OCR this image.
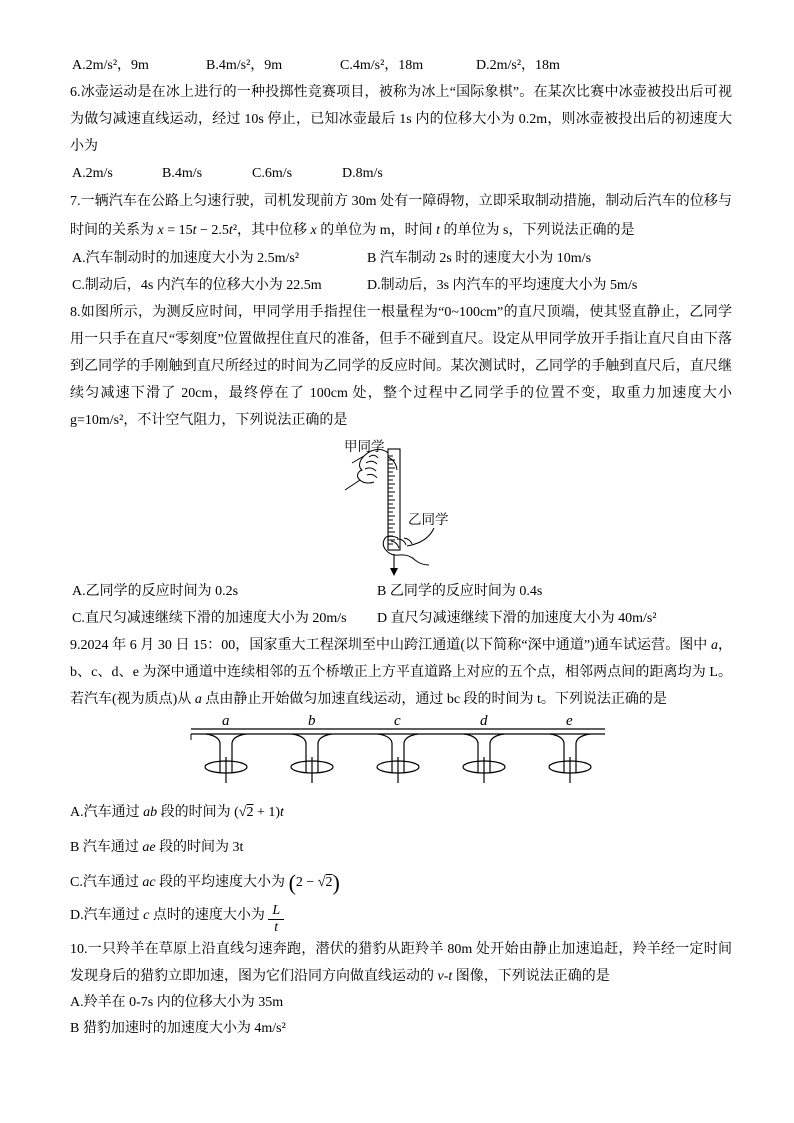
A.2m/s²，9m	B.4m/s²，9m	C.4m/s²，18m	D.2m/s²，18m

6.冰壶运动是在冰上进行的一种投掷性竞赛项目，被称为冰上“国际象棋”。在某次比赛中冰壶被投出后可视为做匀减速直线运动，经过 10s 停止，已知冰壶最后 1s 内的位移大小为 0.2m，则冰壶被投出后的初速度大小为

A.2m/s	B.4m/s	C.6m/s	D.8m/s

7.一辆汽车在公路上匀速行驶，司机发现前方 30m 处有一障碍物，立即采取制动措施，制动后汽车的位移与时间的关系为 x = 15t − 2.5t²，其中位移 x 的单位为 m，时间 t 的单位为 s，下列说法正确的是

A.汽车制动时的加速度大小为 2.5m/s²	B 汽车制动 2s 时的速度大小为 10m/s
C.制动后，4s 内汽车的位移大小为 22.5m	D.制动后，3s 内汽车的平均速度大小为 5m/s

8.如图所示，为测反应时间，甲同学用手指捏住一根量程为“0~100cm”的直尺顶端，使其竖直静止，乙同学用一只手在直尺“零刻度”位置做捏住直尺的准备，但手不碰到直尺。设定从甲同学放开手指让直尺自由下落到乙同学的手刚触到直尺所经过的时间为乙同学的反应时间。某次测试时，乙同学的手触到直尺后，直尺继续匀减速下滑了 20cm，最终停在了 100cm 处，整个过程中乙同学手的位置不变，取重力加速度大小 g=10m/s²，不计空气阻力，下列说法正确的是

甲同学
乙同学
A.乙同学的反应时间为 0.2s	B 乙同学的反应时间为 0.4s
C.直尺匀减速继续下滑的加速度大小为 20m/s D 直尺匀减速继续下滑的加速度大小为 40m/s²

9.2024 年 6 月 30 日 15：00，国家重大工程深圳至中山跨江通道(以下简称“深中通道”)通车试运营。图中 a，b、c、d、e 为深中通道中连续相邻的五个桥墩正上方平直道路上对应的五个点，相邻两点间的距离均为 L。若汽车(视为质点)从 a 点由静止开始做匀加速直线运动，通过 bc 段的时间为 t。下列说法正确的是

a	b	c	d	e

A.汽车通过 ab 段的时间为 (√2 + 1)t

B 汽车通过 ae 段的时间为 3t

C.汽车通过 ac 段的平均速度大小为 (2 − √2)

D.汽车通过 c 点时的速度大小为 $\frac{L}{t}$

10.一只羚羊在草原上沿直线匀速奔跑，潜伏的猎豹从距羚羊 80m 处开始由静止加速追赶，羚羊经一定时间发现身后的猎豹立即加速，图为它们沿同方向做直线运动的 v-t 图像，下列说法正确的是

A.羚羊在 0-7s 内的位移大小为 35m

B 猎豹加速时的加速度大小为 4m/s²
